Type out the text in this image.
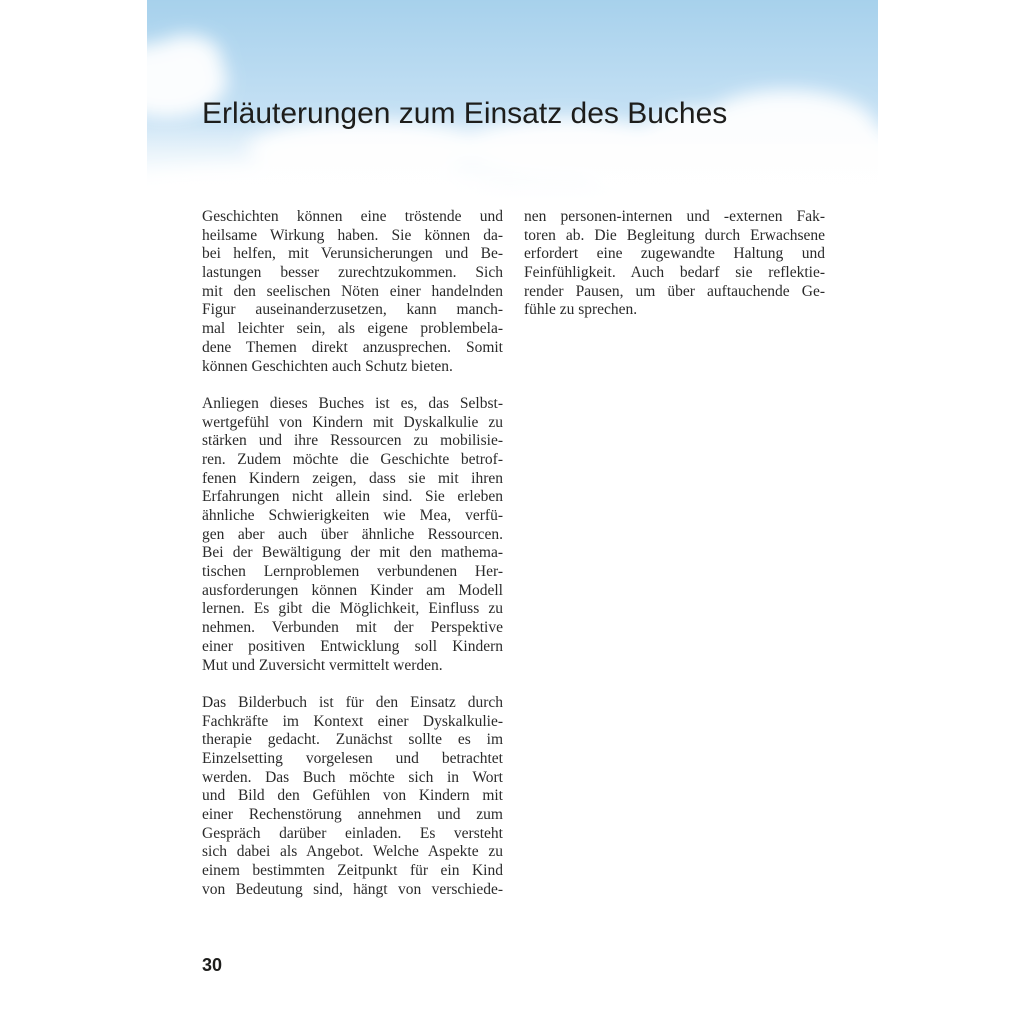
Erläuterungen zum Einsatz des Buches
Geschichten können eine tröstende und
heilsame Wirkung haben. Sie können da-
bei helfen, mit Verunsicherungen und Be-
lastungen besser zurechtzukommen. Sich
mit den seelischen Nöten einer handelnden
Figur auseinanderzusetzen, kann manch-
mal leichter sein, als eigene problembela-
dene Themen direkt anzusprechen. Somit
können Geschichten auch Schutz bieten.
Anliegen dieses Buches ist es, das Selbst-
wertgefühl von Kindern mit Dyskalkulie zu
stärken und ihre Ressourcen zu mobilisie-
ren. Zudem möchte die Geschichte betrof-
fenen Kindern zeigen, dass sie mit ihren
Erfahrungen nicht allein sind. Sie erleben
ähnliche Schwierigkeiten wie Mea, verfü-
gen aber auch über ähnliche Ressourcen.
Bei der Bewältigung der mit den mathema-
tischen Lernproblemen verbundenen Her-
ausforderungen können Kinder am Modell
lernen. Es gibt die Möglichkeit, Einfluss zu
nehmen. Verbunden mit der Perspektive
einer positiven Entwicklung soll Kindern
Mut und Zuversicht vermittelt werden.
Das Bilderbuch ist für den Einsatz durch
Fachkräfte im Kontext einer Dyskalkulie-
therapie gedacht. Zunächst sollte es im
Einzelsetting vorgelesen und betrachtet
werden. Das Buch möchte sich in Wort
und Bild den Gefühlen von Kindern mit
einer Rechenstörung annehmen und zum
Gespräch darüber einladen. Es versteht
sich dabei als Angebot. Welche Aspekte zu
einem bestimmten Zeitpunkt für ein Kind
von Bedeutung sind, hängt von verschiede-
nen personen-internen und -externen Fak-
toren ab. Die Begleitung durch Erwachsene
erfordert eine zugewandte Haltung und
Feinfühligkeit. Auch bedarf sie reflektie-
render Pausen, um über auftauchende Ge-
fühle zu sprechen.
30
